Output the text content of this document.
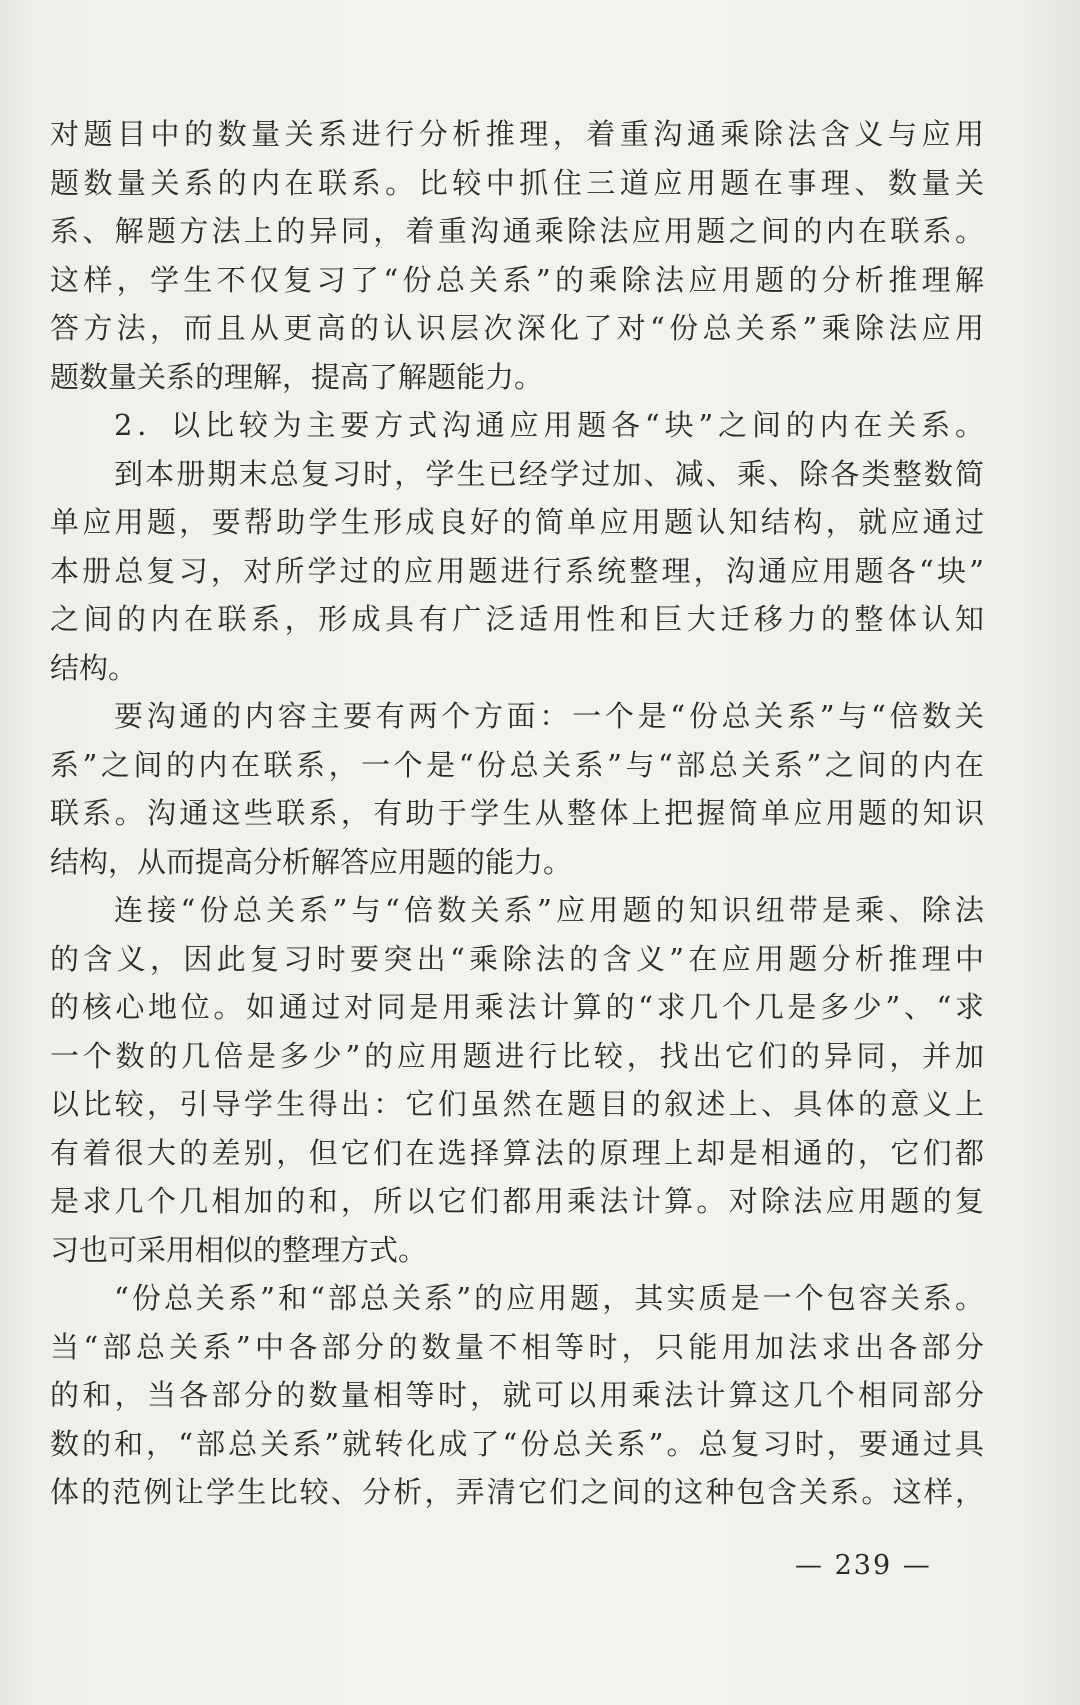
对题目中的数量关系进行分析推理，着重沟通乘除法含义与应用
题数量关系的内在联系。比较中抓住三道应用题在事理、数量关
系、解题方法上的异同，着重沟通乘除法应用题之间的内在联系。
这样，学生不仅复习了“份总关系”的乘除法应用题的分析推理解
答方法，而且从更高的认识层次深化了对“份总关系”乘除法应用
题数量关系的理解，提高了解题能力。
2．以比较为主要方式沟通应用题各“块”之间的内在关系。
到本册期末总复习时，学生已经学过加、减、乘、除各类整数简
单应用题，要帮助学生形成良好的简单应用题认知结构，就应通过
本册总复习，对所学过的应用题进行系统整理，沟通应用题各“块”
之间的内在联系，形成具有广泛适用性和巨大迁移力的整体认知
结构。
要沟通的内容主要有两个方面：一个是“份总关系”与“倍数关
系”之间的内在联系，一个是“份总关系”与“部总关系”之间的内在
联系。沟通这些联系，有助于学生从整体上把握简单应用题的知识
结构，从而提高分析解答应用题的能力。
连接“份总关系”与“倍数关系”应用题的知识纽带是乘、除法
的含义，因此复习时要突出“乘除法的含义”在应用题分析推理中
的核心地位。如通过对同是用乘法计算的“求几个几是多少”、“求
一个数的几倍是多少”的应用题进行比较，找出它们的异同，并加
以比较，引导学生得出：它们虽然在题目的叙述上、具体的意义上
有着很大的差别，但它们在选择算法的原理上却是相通的，它们都
是求几个几相加的和，所以它们都用乘法计算。对除法应用题的复
习也可采用相似的整理方式。
“份总关系”和“部总关系”的应用题，其实质是一个包容关系。
当“部总关系”中各部分的数量不相等时，只能用加法求出各部分
的和，当各部分的数量相等时，就可以用乘法计算这几个相同部分
数的和，“部总关系”就转化成了“份总关系”。总复习时，要通过具
体的范例让学生比较、分析，弄清它们之间的这种包含关系。这样，
— 239 —
